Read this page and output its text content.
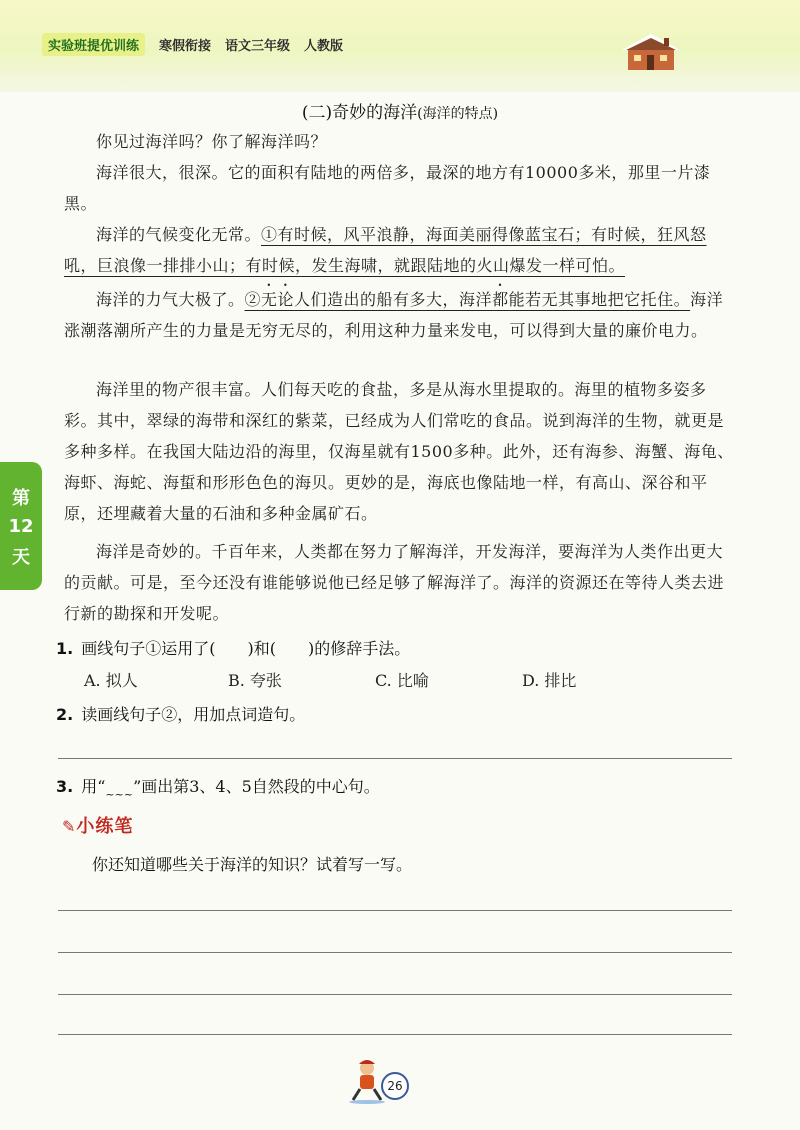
实验班提优训练	寒假衔接 语文三年级 人教版
(二)奇妙的海洋(海洋的特点)
你见过海洋吗？你了解海洋吗？
海洋很大，很深。它的面积有陆地的两倍多，最深的地方有10000多米，那里一片漆黑。
海洋的气候变化无常。①有时候，风平浪静，海面美丽得像蓝宝石；有时候，狂风怒吼，巨浪像一排排小山；有时候，发生海啸，就跟陆地的火山爆发一样可怕。
海洋的力气大极了。②无论人们造出的船有多大，海洋都能若无其事地把它托住。海洋涨潮落潮所产生的力量是无穷无尽的，利用这种力量来发电，可以得到大量的廉价电力。
海洋里的物产很丰富。人们每天吃的食盐，多是从海水里提取的。海里的植物多姿多彩。其中，翠绿的海带和深红的紫菜，已经成为人们常吃的食品。说到海洋的生物，就更是多种多样。在我国大陆边沿的海里，仅海星就有1500多种。此外，还有海参、海蟹、海龟、海虾、海蛇、海蜇和形形色色的海贝。更妙的是，海底也像陆地一样，有高山、深谷和平原，还埋藏着大量的石油和多种金属矿石。
海洋是奇妙的。千百年来，人类都在努力了解海洋，开发海洋，要海洋为人类作出更大的贡献。可是，至今还没有谁能够说他已经足够了解海洋了。海洋的资源还在等待人类去进行新的勘探和开发呢。
第
12
天
1. 画线句子①运用了(　　)和(　　)的修辞手法。
A. 拟人	B. 夸张	C. 比喻	D. 排比
2. 读画线句子②，用加点词造句。
3. 用“$_{\sim\sim\sim}$”画出第3、4、5自然段的中心句。
✎小练笔
你还知道哪些关于海洋的知识？试着写一写。
26
